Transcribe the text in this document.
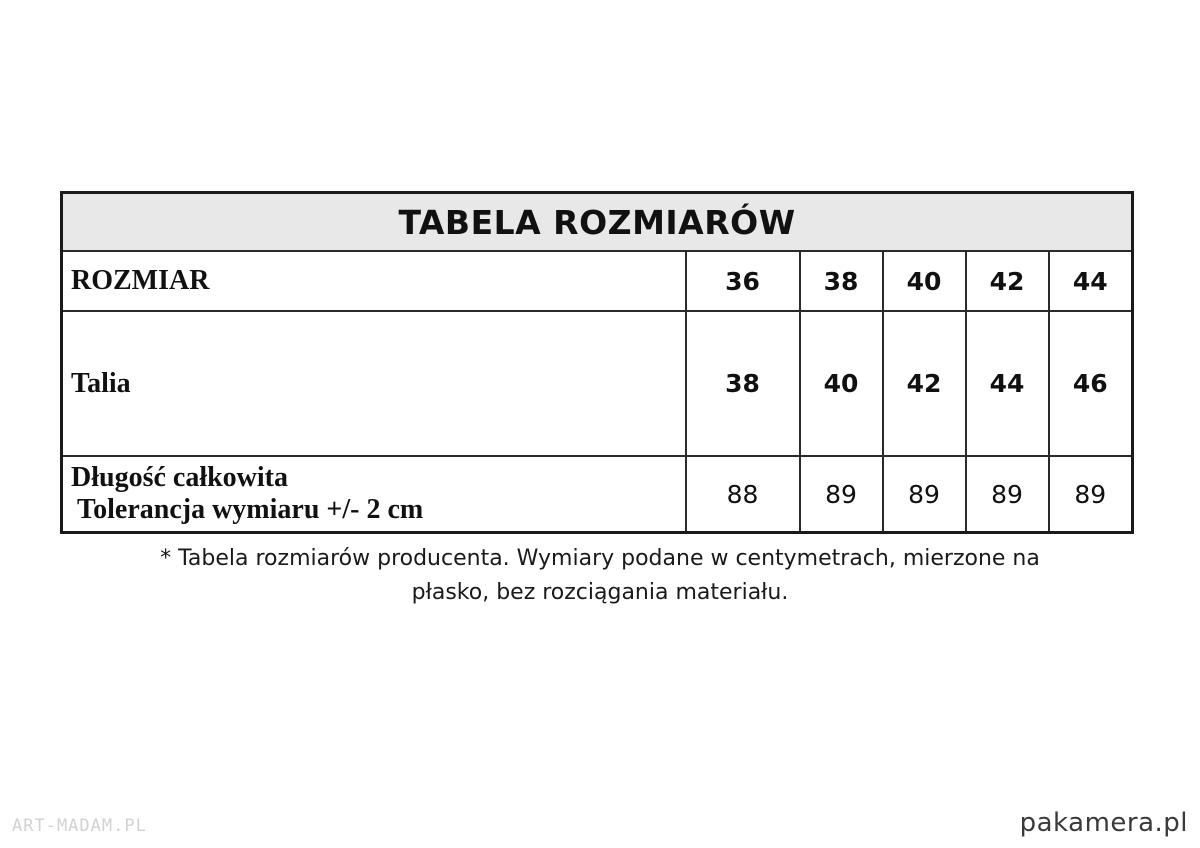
TABELA ROZMIARÓW					
ROZMIAR	36	38	40	42	44
Talia	38	40	42	44	46

Długość całkowita
Tolerancja wymiaru +/- 2 cm	88	89	89	89	89
* Tabela rozmiarów producenta. Wymiary podane w centymetrach, mierzone na
płasko, bez rozciągania materiału.
ART-MADAM.PL	pakamera.pl
